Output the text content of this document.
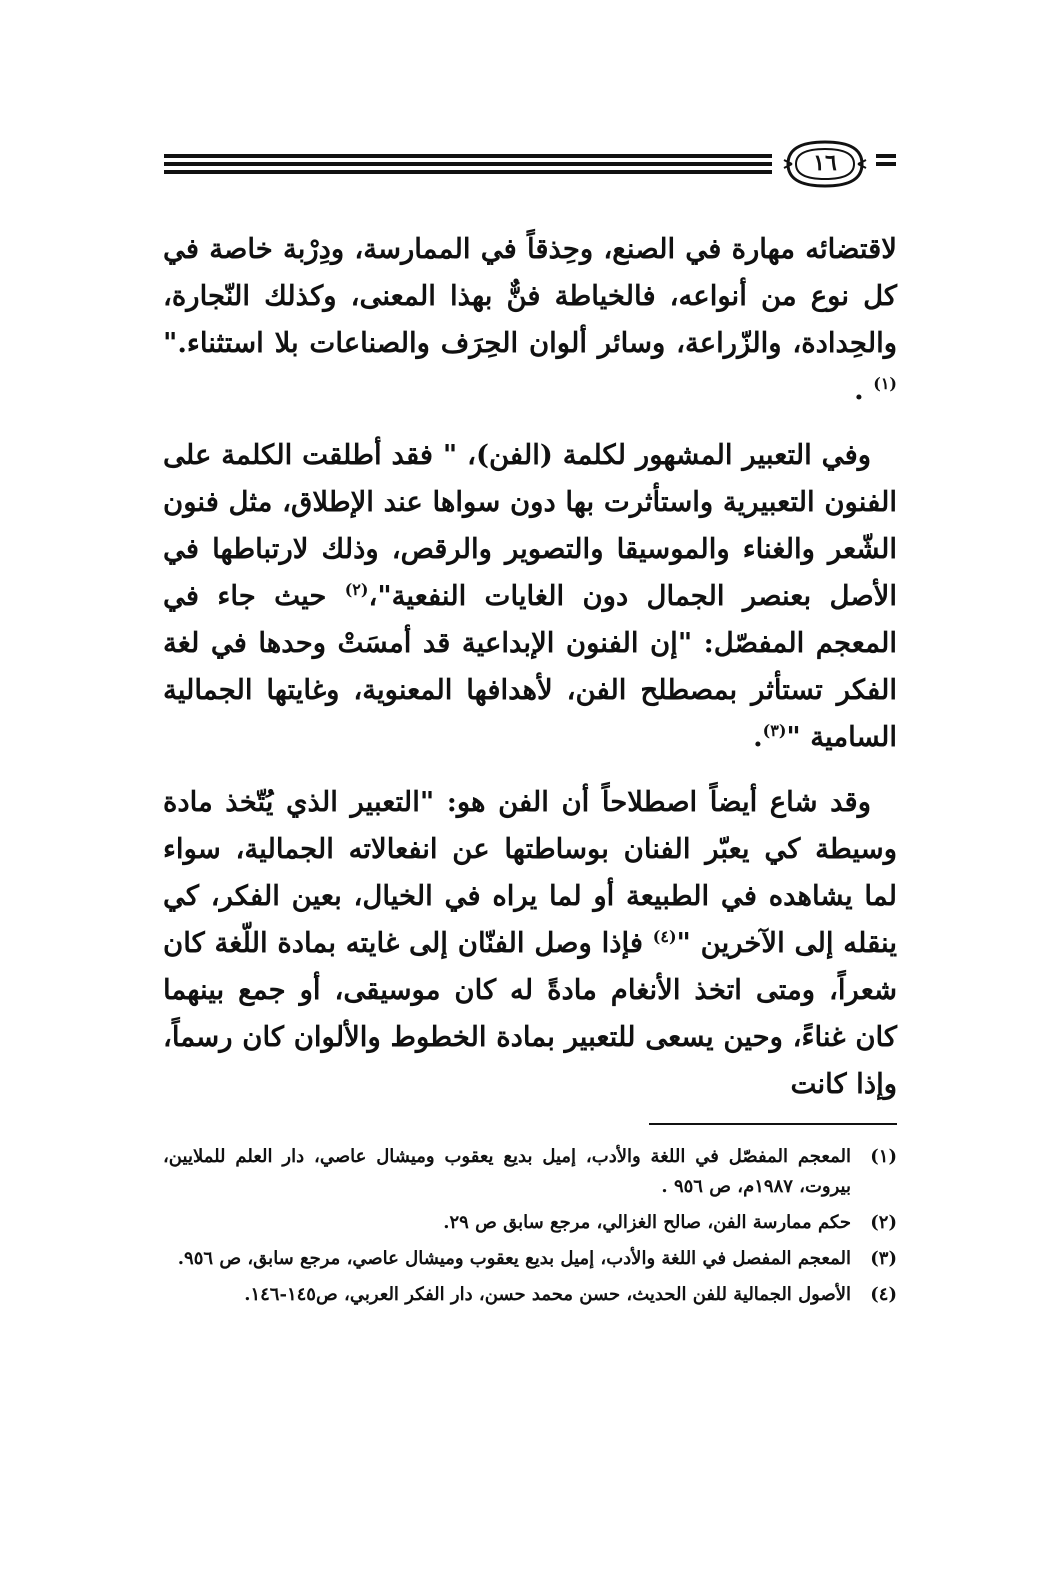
١٦

لاقتضائه مهارة في الصنع، وحِذقاً في الممارسة، ودِرْبة خاصة في كل نوع من أنواعه، فالخياطة فنٌّ بهذا المعنى، وكذلك النّجارة، والحِدادة، والزّراعة، وسائر ألوان الحِرَف والصناعات بلا استثناء."$^{(١)}$ .

وفي التعبير المشهور لكلمة (الفن)، " فقد أطلقت الكلمة على الفنون التعبيرية واستأثرت بها دون سواها عند الإطلاق، مثل فنون الشّعر والغناء والموسيقا والتصوير والرقص، وذلك لارتباطها في الأصل بعنصر الجمال دون الغايات النفعية"،$^{(٢)}$ حيث جاء في المعجم المفصّل: "إن الفنون الإبداعية قد أمسَتْ وحدها في لغة الفكر تستأثر بمصطلح الفن، لأهدافها المعنوية، وغايتها الجمالية السامية "$^{(٣)}$.

وقد شاع أيضاً اصطلاحاً أن الفن هو: "التعبير الذي يُتّخذ مادة وسيطة كي يعبّر الفنان بوساطتها عن انفعالاته الجمالية، سواء لما يشاهده في الطبيعة أو لما يراه في الخيال، بعين الفكر، كي ينقله إلى الآخرين "$^{(٤)}$ فإذا وصل الفنّان إلى غايته بمادة اللّغة كان شعراً، ومتى اتخذ الأنغام مادةً له كان موسيقى، أو جمع بينهما كان غناءً، وحين يسعى للتعبير بمادة الخطوط والألوان كان رسماً، وإذا كانت

(١)
المعجم المفصّل في اللغة والأدب، إميل بديع يعقوب وميشال عاصي، دار العلم للملايين، بيروت، ١٩٨٧م، ص ٩٥٦ .
(٢)
حكم ممارسة الفن، صالح الغزالي، مرجع سابق ص ٢٩.
(٣)
المعجم المفصل في اللغة والأدب، إميل بديع يعقوب وميشال عاصي، مرجع سابق، ص ٩٥٦.
(٤)
الأصول الجمالية للفن الحديث، حسن محمد حسن، دار الفكر العربي، ص١٤٥-١٤٦.
